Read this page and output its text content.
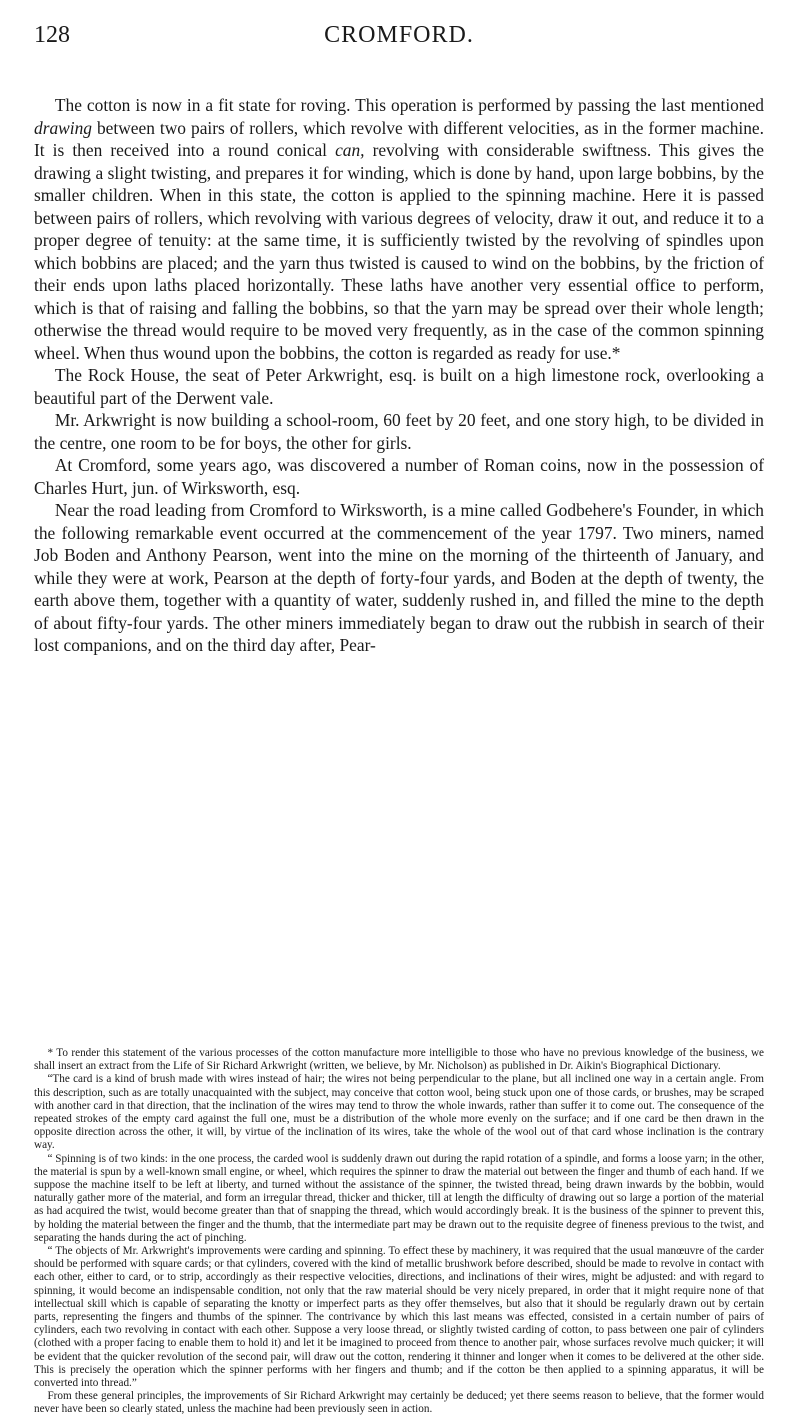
128	CROMFORD.

The cotton is now in a fit state for roving. This operation is performed by passing the last mentioned drawing between two pairs of rollers, which revolve with different velocities, as in the former machine. It is then received into a round conical can, revolving with considerable swiftness. This gives the drawing a slight twisting, and prepares it for winding, which is done by hand, upon large bobbins, by the smaller children. When in this state, the cotton is applied to the spinning machine. Here it is passed between pairs of rollers, which revolving with various degrees of velocity, draw it out, and reduce it to a proper degree of tenuity: at the same time, it is sufficiently twisted by the revolving of spindles upon which bobbins are placed; and the yarn thus twisted is caused to wind on the bobbins, by the friction of their ends upon laths placed horizontally. These laths have another very essential office to perform, which is that of raising and falling the bobbins, so that the yarn may be spread over their whole length; otherwise the thread would require to be moved very frequently, as in the case of the common spinning wheel. When thus wound upon the bobbins, the cotton is regarded as ready for use.*

The Rock House, the seat of Peter Arkwright, esq. is built on a high limestone rock, overlooking a beautiful part of the Derwent vale.

Mr. Arkwright is now building a school-room, 60 feet by 20 feet, and one story high, to be divided in the centre, one room to be for boys, the other for girls.

At Cromford, some years ago, was discovered a number of Roman coins, now in the possession of Charles Hurt, jun. of Wirksworth, esq.

Near the road leading from Cromford to Wirksworth, is a mine called Godbehere's Founder, in which the following remarkable event occurred at the commencement of the year 1797. Two miners, named Job Boden and Anthony Pearson, went into the mine on the morning of the thirteenth of January, and while they were at work, Pearson at the depth of forty-four yards, and Boden at the depth of twenty, the earth above them, together with a quantity of water, suddenly rushed in, and filled the mine to the depth of about fifty-four yards. The other miners immediately began to draw out the rubbish in search of their lost companions, and on the third day after, Pear-

* To render this statement of the various processes of the cotton manufacture more intelligible to those who have no previous knowledge of the business, we shall insert an extract from the Life of Sir Richard Arkwright (written, we believe, by Mr. Nicholson) as published in Dr. Aikin's Biographical Dictionary.

“The card is a kind of brush made with wires instead of hair; the wires not being perpendicular to the plane, but all inclined one way in a certain angle. From this description, such as are totally unacquainted with the subject, may conceive that cotton wool, being stuck upon one of those cards, or brushes, may be scraped with another card in that direction, that the inclination of the wires may tend to throw the whole inwards, rather than suffer it to come out. The consequence of the repeated strokes of the empty card against the full one, must be a distribution of the whole more evenly on the surface; and if one card be then drawn in the opposite direction across the other, it will, by virtue of the inclination of its wires, take the whole of the wool out of that card whose inclination is the contrary way.

“ Spinning is of two kinds: in the one process, the carded wool is suddenly drawn out during the rapid rotation of a spindle, and forms a loose yarn; in the other, the material is spun by a well-known small engine, or wheel, which requires the spinner to draw the material out between the finger and thumb of each hand. If we suppose the machine itself to be left at liberty, and turned without the assistance of the spinner, the twisted thread, being drawn inwards by the bobbin, would naturally gather more of the material, and form an irregular thread, thicker and thicker, till at length the difficulty of drawing out so large a portion of the material as had acquired the twist, would become greater than that of snapping the thread, which would accordingly break. It is the business of the spinner to prevent this, by holding the material between the finger and the thumb, that the intermediate part may be drawn out to the requisite degree of fineness previous to the twist, and separating the hands during the act of pinching.

“ The objects of Mr. Arkwright's improvements were carding and spinning. To effect these by machinery, it was required that the usual manœuvre of the carder should be performed with square cards; or that cylinders, covered with the kind of metallic brushwork before described, should be made to revolve in contact with each other, either to card, or to strip, accordingly as their respective velocities, directions, and inclinations of their wires, might be adjusted: and with regard to spinning, it would become an indispensable condition, not only that the raw material should be very nicely prepared, in order that it might require none of that intellectual skill which is capable of separating the knotty or imperfect parts as they offer themselves, but also that it should be regularly drawn out by certain parts, representing the fingers and thumbs of the spinner. The contrivance by which this last means was effected, consisted in a certain number of pairs of cylinders, each two revolving in contact with each other. Suppose a very loose thread, or slightly twisted carding of cotton, to pass between one pair of cylinders (clothed with a proper facing to enable them to hold it) and let it be imagined to proceed from thence to another pair, whose surfaces revolve much quicker; it will be evident that the quicker revolution of the second pair, will draw out the cotton, rendering it thinner and longer when it comes to be delivered at the other side. This is precisely the operation which the spinner performs with her fingers and thumb; and if the cotton be then applied to a spinning apparatus, it will be converted into thread.”

From these general principles, the improvements of Sir Richard Arkwright may certainly be deduced; yet there seems reason to believe, that the former would never have been so clearly stated, unless the machine had been previously seen in action.
